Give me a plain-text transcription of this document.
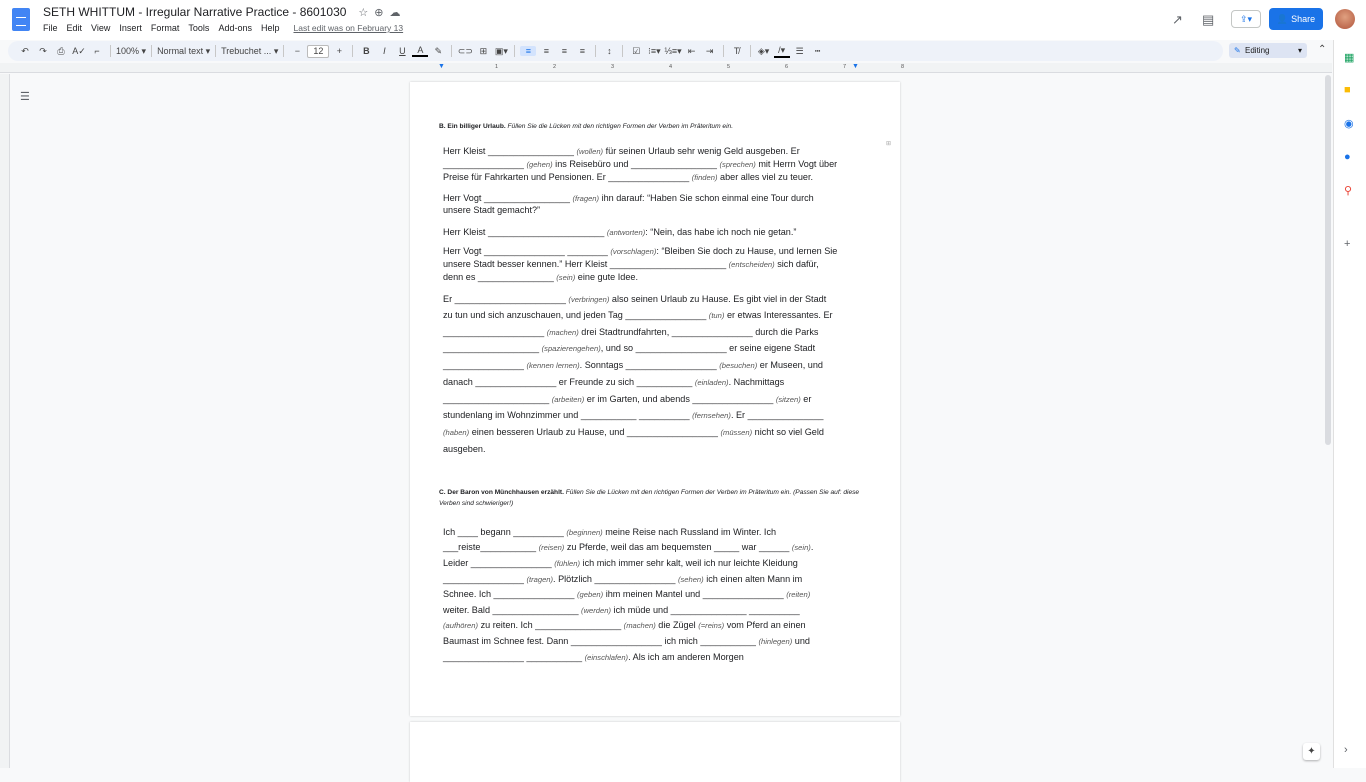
SETH WHITTUM - Irregular Narrative Practice - 8601030 ☆ ⊕ ☁
File Edit View Insert Format Tools Add-ons Help Last edit was on February 13
↗ ▤	⇪▾	👤 Share
↶	↷	⎙ A✓ ⌐	100% ▾ Normal text ▾ Trebuchet ... ▾	−	12	+	B	I	U	A	✎	⊂⊃ ⊞ ▣▾	≡	≡	≡	≡	↕	☑ ⁝≡▾ ⅓≡▾ ⇤	⇥	T̸	◈▾ /▾	☰	┅	✎ Editing	▾ ⌃
1	2	3	4	5	6	7	8
▼	▼
☰
⊞
B. Ein billiger Urlaub. Füllen Sie die Lücken mit den richtigen Formen der Verben im Präteritum ein.
Herr Kleist _________________ (wollen) für seinen Urlaub sehr wenig Geld ausgeben. Er
________________ (gehen) ins Reisebüro und _________________ (sprechen) mit Herrn Vogt über
Preise für Fahrkarten und Pensionen. Er ________________ (finden) aber alles viel zu teuer.
Herr Vogt _________________ (fragen) ihn darauf: “Haben Sie schon einmal eine Tour durch
unsere Stadt gemacht?”
Herr Kleist _______________________ (antworten): “Nein, das habe ich noch nie getan.”
Herr Vogt ________________ ________ (vorschlagen): “Bleiben Sie doch zu Hause, und lernen Sie
unsere Stadt besser kennen.” Herr Kleist _______________________ (entscheiden) sich dafür,
denn es _______________ (sein) eine gute Idee.
Er ______________________ (verbringen) also seinen Urlaub zu Hause. Es gibt viel in der Stadt
zu tun und sich anzuschauen, und jeden Tag ________________ (tun) er etwas Interessantes. Er
____________________ (machen) drei Stadtrundfahrten, ________________ durch die Parks
___________________ (spazierengehen), und so __________________ er seine eigene Stadt
________________ (kennen lernen). Sonntags __________________ (besuchen) er Museen, und
danach ________________ er Freunde zu sich ___________ (einladen). Nachmittags
_____________________ (arbeiten) er im Garten, und abends ________________ (sitzen) er
stundenlang im Wohnzimmer und ___________ __________ (fernsehen). Er _______________
(haben) einen besseren Urlaub zu Hause, und __________________ (müssen) nicht so viel Geld
ausgeben.
C. Der Baron von Münchhausen erzählt. Füllen Sie die Lücken mit den richtigen Formen der Verben im Präteritum ein. (Passen Sie auf: diese Verben sind schwieriger!)
Ich ____ begann __________ (beginnen) meine Reise nach Russland im Winter. Ich
___reiste___________ (reisen) zu Pferde, weil das am bequemsten _____ war ______ (sein).
Leider ________________ (fühlen) ich mich immer sehr kalt, weil ich nur leichte Kleidung
________________ (tragen). Plötzlich ________________ (sehen) ich einen alten Mann im
Schnee. Ich ________________ (geben) ihm meinen Mantel und ________________ (reiten)
weiter. Bald _________________ (werden) ich müde und _______________ __________
(aufhören) zu reiten. Ich _________________ (machen) die Zügel (=reins) vom Pferd an einen
Baumast im Schnee fest. Dann __________________ ich mich ___________ (hinlegen) und
________________ ___________ (einschlafen). Als ich am anderen Morgen
▦
■
◉
●
⚲
+
›
✦
